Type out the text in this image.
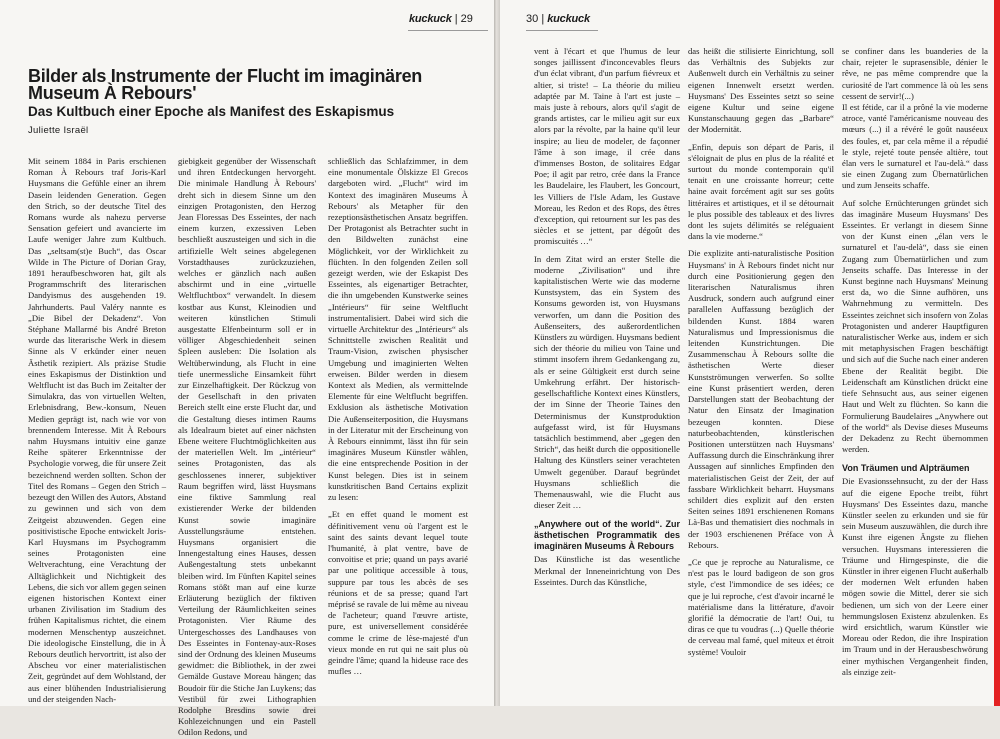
kuckuck | 29
Bilder als Instrumente der Flucht im imaginären Museum À Rebours'
Das Kultbuch einer Epoche als Manifest des Eskapismus
Juliette Israël

Mit seinem 1884 in Paris erschienen Roman À Rebours traf Joris-Karl Huysmans die Gefühle einer an ihrem Dasein leidenden Generation. Gegen den Strich, so der deutsche Titel des Romans wurde als nahezu perverse Sensation gefeiert und avancierte im Laufe weniger Jahre zum Kultbuch. Das „seltsam(st)e Buch“, das Oscar Wilde in The Picture of Dorian Gray, 1891 heraufbeschworen hat, gilt als Programmschrift des literarischen Dandyismus des ausgehenden 19. Jahrhunderts. Paul Valéry nannte es „Die Bibel der Dekadenz“. Von Stéphane Mallarmé bis André Breton wurde das literarische Werk in diesem Sinne als V erkünder einer neuen Ästhetik rezipiert. Als präzise Studie eines Eskapismus der Distinktion und Weltflucht ist das Buch im Zeitalter der Simulakra, das von virtuellen Welten, Erlebnisdrang, Bew.-konsum, Neuen Medien geprägt ist, nach wie vor von brennendem Interesse. Mit À Rebours nahm Huysmans intuitiv eine ganze Reihe späterer Erkenntnisse der Psychologie vorweg, die für unsere Zeit bezeichnend werden sollten. Schon der Titel des Romans – Gegen den Strich – bezeugt den Willen des Autors, Abstand zu gewinnen und sich von dem Zeitgeist abzuwenden. Gegen eine positivistische Epoche entwickelt Joris-Karl Huysmans im Psychogramm seines Protagonisten eine Weltverachtung, eine Verachtung der Alltäglichkeit und Nichtigkeit des Lebens, die sich vor allem gegen seinen eigenen historischen Kontext einer urbanen Zivilisation im Stadium des frühen Kapitalismus richtet, die einem modernen Menschentyp auszeichnet. Die ideologische Einstellung, die in À Rebours deutlich hervortritt, ist also der Abscheu vor einer materialistischen Zeit, gegründet auf dem Wohlstand, der aus einer blühenden Industrialisierung und der steigenden Nach-

giebigkeit gegenüber der Wissenschaft und ihren Entdeckungen hervorgeht. Die minimale Handlung À Rebours' dreht sich in diesem Sinne um den einzigen Protagonisten, den Herzog Jean Floressas Des Esseintes, der nach einem kurzen, exzessiven Leben beschließt auszusteigen und sich in die artifizielle Welt seines abgelegenen Vorstadthauses zurückzuziehen, welches er gänzlich nach außen abschirmt und in eine „virtuelle Weltfluchtbox“ verwandelt. In diesem kostbar aus Kunst, Kleinodien und weiteren künstlichen Stimuli ausgestatte Elfenbeinturm soll er in völliger Abgeschiedenheit seinen Spleen ausleben: Die Isolation als Weltüberwindung, als Flucht in eine tiefe unermessliche Einsamkeit führt zur Einzelhaftigkeit. Der Rückzug von der Gesellschaft in den privaten Bereich stellt eine erste Flucht dar, und die Gestaltung dieses intimen Raums als Idealraum bietet auf einer nächsten Ebene weitere Fluchtmöglichkeiten aus der materiellen Welt. Im „intérieur“ seines Protagonisten, das als geschlossenes innerer, subjektiver Raum begriffen wird, lässt Huysmans eine fiktive Sammlung real existierender Werke der bildenden Kunst sowie imaginäre Ausstellungsräume entstehen. Huysmans organisiert die Innengestaltung eines Hauses, dessen Außengestaltung stets unbekannt bleiben wird. Im Fünften Kapitel seines Romans stößt man auf eine kurze Erläuterung bezüglich der fiktiven Verteilung der Räumlichkeiten seines Protagonisten. Vier Räume des Untergeschosses des Landhauses von Des Esseintes in Fontenay-aux-Roses sind der Ordnung des kleinen Museums gewidmet: die Bibliothek, in der zwei Gemälde Gustave Moreau hängen; das Boudoir für die Stiche Jan Luykens; das Vestibül für zwei Lithographien Rodolphe Bresdins sowie drei Kohlezeichnungen und ein Pastell Odilon Redons, und

schließlich das Schlafzimmer, in dem eine monumentale Ölskizze El Grecos dargeboten wird. „Flucht“ wird im Kontext des imaginären Museums À Rebours' als Metapher für den rezeptionsästhetischen Ansatz begriffen. Der Protagonist als Betrachter sucht in den Bildwelten zunächst eine Möglichkeit, vor der Wirklichkeit zu flüchten. In den folgenden Zeilen soll gezeigt werden, wie der Eskapist Des Esseintes, als eigenartiger Betrachter, die ihn umgebenden Kunstwerke seines „Intérieurs“ für seine Weltflucht instrumentalisiert. Dabei wird sich die virtuelle Architektur des „Intérieurs“ als Schnittstelle zwischen Realität und Traum-Vision, zwischen physischer Umgebung und imaginierten Welten erweisen. Bilder werden in diesem Kontext als Medien, als vermittelnde Elemente für eine Weltflucht begriffen. Exklusion als ästhetische Motivation Die Außenseiterposition, die Huysmans in der Literatur mit der Erscheinung von À Rebours einnimmt, lässt ihn für sein imaginäres Museum Künstler wählen, die eine entsprechende Position in der Kunst belegen. Dies ist in seinem kunstkritischen Band Certains explizit zu lesen:

„Et en effet quand le moment est définitivement venu où l'argent est le saint des saints devant lequel toute l'humanité, à plat ventre, bave de convoitise et prie; quand un pays avarié par une politique accessible à tous, suppure par tous les abcès de ses réunions et de sa presse; quand l'art méprisé se ravale de lui même au niveau de l'acheteur; quand l'œuvre artiste, pure, est universellement considérée comme le crime de lèse-majesté d'un vieux monde en rut qui ne sait plus où geindre l'âme; quand la hideuse race des mufles …

30 | kuckuck

vent à l'écart et que l'humus de leur songes jaillissent d'inconcevables fleurs d'un éclat vibrant, d'un parfum fiévreux et altier, si triste! – La théorie du milieu adaptée par M. Taine à l'art est juste – mais juste à rebours, alors qu'il s'agit de grands artistes, car le milieu agit sur eux alors par la révolte, par la haine qu'il leur inspire; au lieu de modeler, de façonner l'âme à son image, il crée dans d'immenses Boston, de solitaires Edgar Poe; il agit par retro, crée dans la France les Baudelaire, les Flaubert, les Goncourt, les Villiers de l'Isle Adam, les Gustave Moreau, les Redon et des Rops, des êtres d'exception, qui retournent sur les pas des siècles et se jettent, par dégoût des promiscuités …“

In dem Zitat wird an erster Stelle die moderne „Zivilisation“ und ihre kapitalistischen Werte wie das moderne Kunstsystem, das ein System des Konsums geworden ist, von Huysmans verworfen, um dann die Position des Außenseiters, des außerordentlichen Künstlers zu würdigen. Huysmans bedient sich der théorie du milieu von Taine und stimmt insofern ihrem Gedankengang zu, als er seine Gültigkeit erst durch seine Umkehrung erfährt. Der historisch-gesellschaftliche Kontext eines Künstlers, der im Sinne der Theorie Taines den Determinismus der Kunstproduktion aufgefasst wird, ist für Huysmans tatsächlich bestimmend, aber „gegen den Strich“, das heißt durch die oppositionelle Haltung des Künstlers seiner verachteten Umwelt gegenüber. Darauf begründet Huysmans schließlich die Themenauswahl, wie die Flucht aus dieser Zeit …

„Anywhere out of the world“. Zur ästhetischen Programmatik des imaginären Museums À Rebours

Das Künstliche ist das wesentliche Merkmal der Inneneinrichtung von Des Esseintes. Durch das Künstliche,

das heißt die stilisierte Einrichtung, soll das Verhältnis des Subjekts zur Außenwelt durch ein Verhältnis zu seiner eigenen Innenwelt ersetzt werden. Huysmans' Des Esseintes setzt so seine eigene Kultur und seine eigene Kunstanschauung gegen das „Barbare“ der Modernität.

„Enfin, depuis son départ de Paris, il s'éloignait de plus en plus de la réalité et surtout du monde contemporain qu'il tenait en une croissante horreur; cette haine avait forcément agit sur ses goûts littéraires et artistiques, et il se détournait le plus possible des tableaux et des livres dont les sujets délimités se reléguaient dans la vie moderne.“

Die explizite anti-naturalistische Position Huysmans' in À Rebours findet nicht nur durch eine Positionierung gegen den literarischen Naturalismus ihren Ausdruck, sondern auch aufgrund einer parallelen Auffassung bezüglich der bildenden Kunst. 1884 waren Naturalismus und Impressionismus die leitenden Kunstrichtungen. Die Zusammenschau À Rebours sollte die ästhetischen Werte dieser Kunstströmungen verwerfen. So sollte eine Kunst präsentiert werden, deren Darstellungen statt der Beobachtung der Natur den Einsatz der Imagination bezeugen konnten. Diese naturbeobachtenden, künstlerischen Positionen unterstützen nach Huysmans' Auffassung durch die Einschränkung ihrer Aussagen auf sinnliches Empfinden den materialistischen Geist der Zeit, der auf fassbare Wirklichkeit beharrt. Huysmans schildert dies explizit auf den ersten Seiten seines 1891 erschienenen Romans Là-Bas und thematisiert dies nochmals in der 1903 erschienenen Préface von À Rebours.

„Ce que je reproche au Naturalisme, ce n'est pas le lourd badigeon de son gros style, c'est l'immondice de ses idées; ce que je lui reproche, c'est d'avoir incarné le matérialisme dans la littérature, d'avoir glorifié la démocratie de l'art! Oui, tu diras ce que tu voudras (...) Quelle théorie de cerveau mal famé, quel miteux et étroit système! Vouloir

se confiner dans les buanderies de la chair, rejeter le suprasensible, dénier le rêve, ne pas même comprendre que la curiosité de l'art commence là où les sens cessent de servir!(...)

Il est fétide, car il a prôné la vie moderne atroce, vanté l'américanisme nouveau des mœurs (...) il a révéré le goût nauséeux des foules, et, par cela même il a répudié le style, rejeté toute pensée altière, tout élan vers le surnaturel et l'au-delà.“ dass sie einen Zugang zum Übernatürlichen und zum Jenseits schaffe.

Auf solche Ernüchterungen gründet sich das imaginäre Museum Huysmans' Des Esseintes. Er verlangt in diesem Sinne von der Kunst einen „élan vers le surnaturel et l'au-delà“, dass sie einen Zugang zum Übernatürlichen und zum Jenseits schaffe. Das Interesse in der Kunst beginne nach Huysmans' Meinung erst da, wo die Sinne aufhören, uns Wahrnehmung zu vermitteln. Des Esseintes zeichnet sich insofern von Zolas Protagonisten und anderer Hauptfiguren naturalistischer Werke aus, indem er sich mit metaphysischen Fragen beschäftigt und sich auf die Suche nach einer anderen Ebene der Realität begibt. Die Leidenschaft am Künstlichen drückt eine tiefe Sehnsucht aus, aus seiner eigenen Haut und Welt zu flüchten. So kann die Formulierung Baudelaires „Anywhere out of the world“ als Devise dieses Museums der Dekadenz zu Recht übernommen werden.

Von Träumen und Alpträumen

Die Evasionssehnsucht, zu der der Hass auf die eigene Epoche treibt, führt Huysmans' Des Esseintes dazu, manche Künstler seelen zu erkunden und sie für sein Museum auszuwählen, die durch ihre Kunst ihre eigenen Ängste zu fliehen versuchen. Huysmans interessieren die Träume und Hirngespinste, die die Künstler in ihrer eigenen Flucht außerhalb der modernen Welt erfunden haben mögen sowie die Mittel, derer sie sich bedienen, um sich von der Leere einer hemmungslosen Existenz abzulenken. Es wird ersichtlich, warum Künstler wie Moreau oder Redon, die ihre Inspiration im Traum und in der Herausbeschwörung einer mythischen Vergangenheit finden, als einzige zeit-
